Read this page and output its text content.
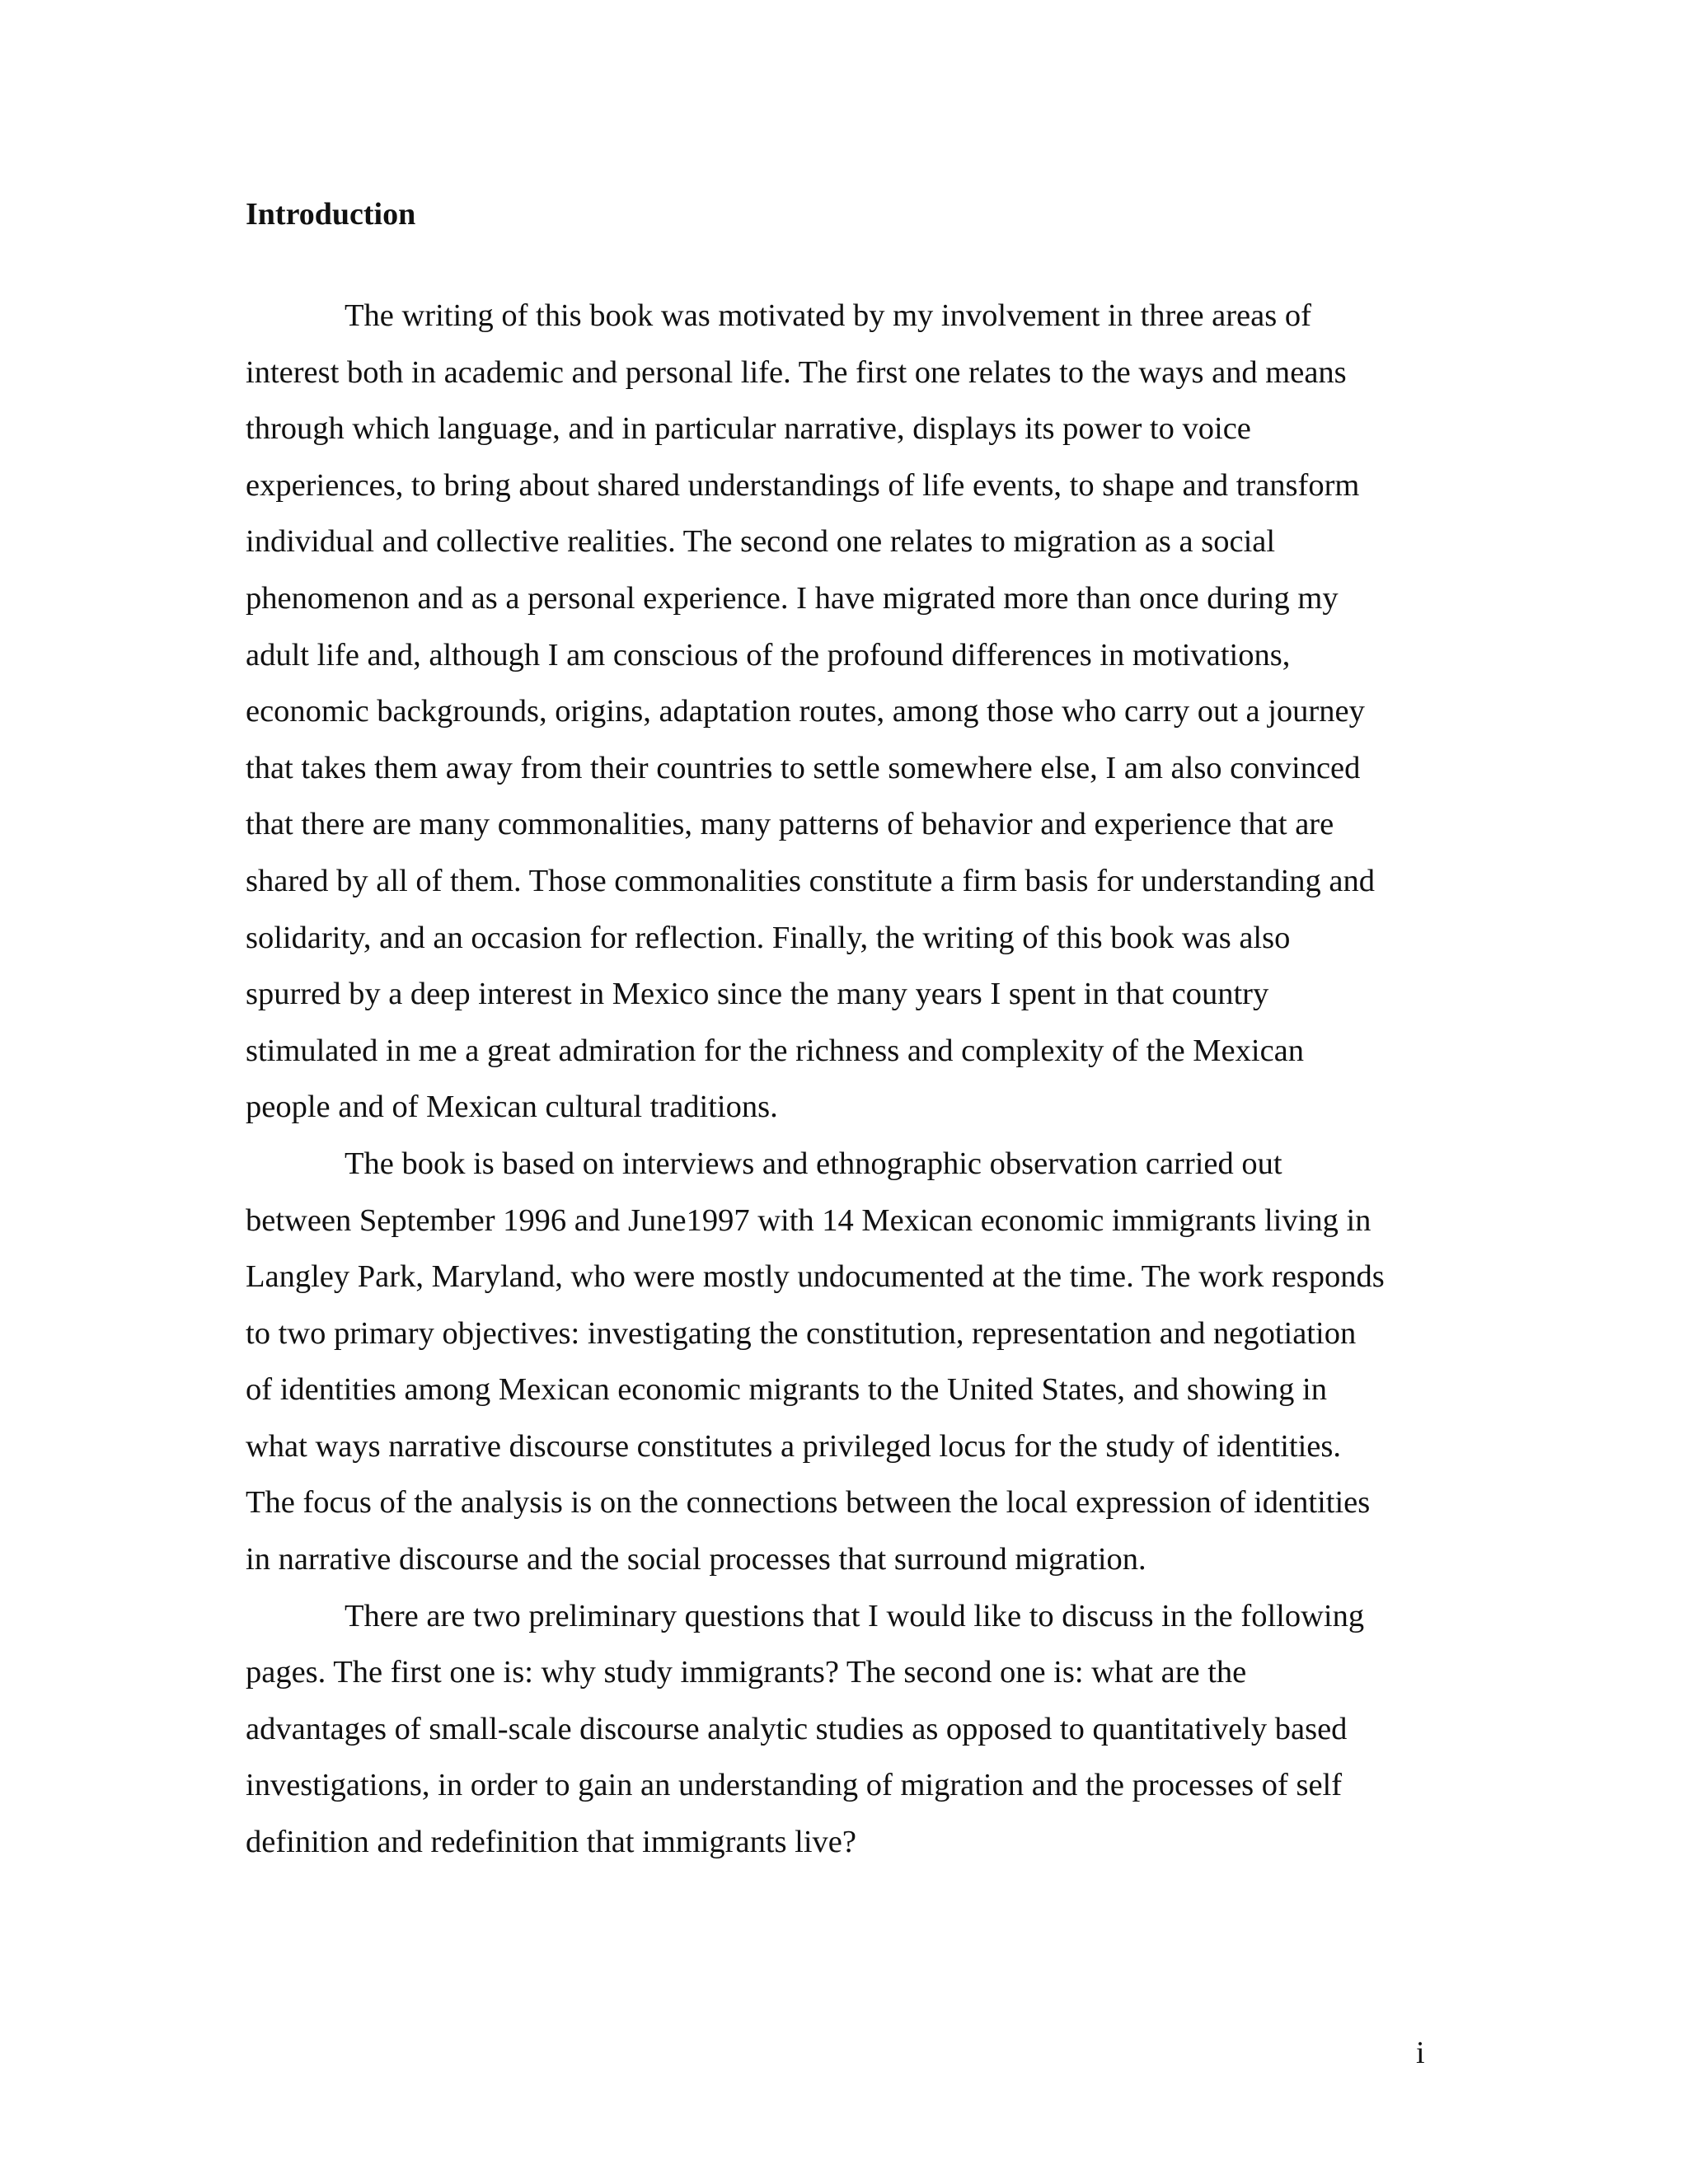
Introduction
The writing of this book was motivated by my involvement in three areas of
interest both in academic and personal life. The first one relates to the ways and means
through which language, and in particular narrative, displays its power to voice
experiences, to bring about shared understandings of life events, to shape and transform
individual and collective realities. The second one relates to migration as a social
phenomenon and as a personal experience. I have migrated more than once during my
adult life and, although I am conscious of the profound differences in motivations,
economic backgrounds, origins, adaptation routes, among those who carry out a journey
that takes them away from their countries to settle somewhere else, I am also convinced
that there are many commonalities, many patterns of behavior and experience that are
shared by all of them. Those commonalities constitute a firm basis for understanding and
solidarity, and an occasion for reflection. Finally, the writing of this book was also
spurred by a deep interest in Mexico since the many years I spent in that country
stimulated in me a great admiration for the richness and complexity of the Mexican
people and of Mexican cultural traditions.
The book is based on interviews and ethnographic observation carried out
between September 1996 and June1997 with 14 Mexican economic immigrants living in
Langley Park, Maryland, who were mostly undocumented at the time. The work responds
to two primary objectives: investigating the constitution, representation and negotiation
of identities among Mexican economic migrants to the United States, and showing in
what ways narrative discourse constitutes a privileged locus for the study of identities.
The focus of the analysis is on the connections between the local expression of identities
in narrative discourse and the social processes that surround migration.
There are two preliminary questions that I would like to discuss in the following
pages. The first one is: why study immigrants? The second one is: what are the
advantages of small-scale discourse analytic studies as opposed to quantitatively based
investigations, in order to gain an understanding of migration and the processes of self
definition and redefinition that immigrants live?
i
